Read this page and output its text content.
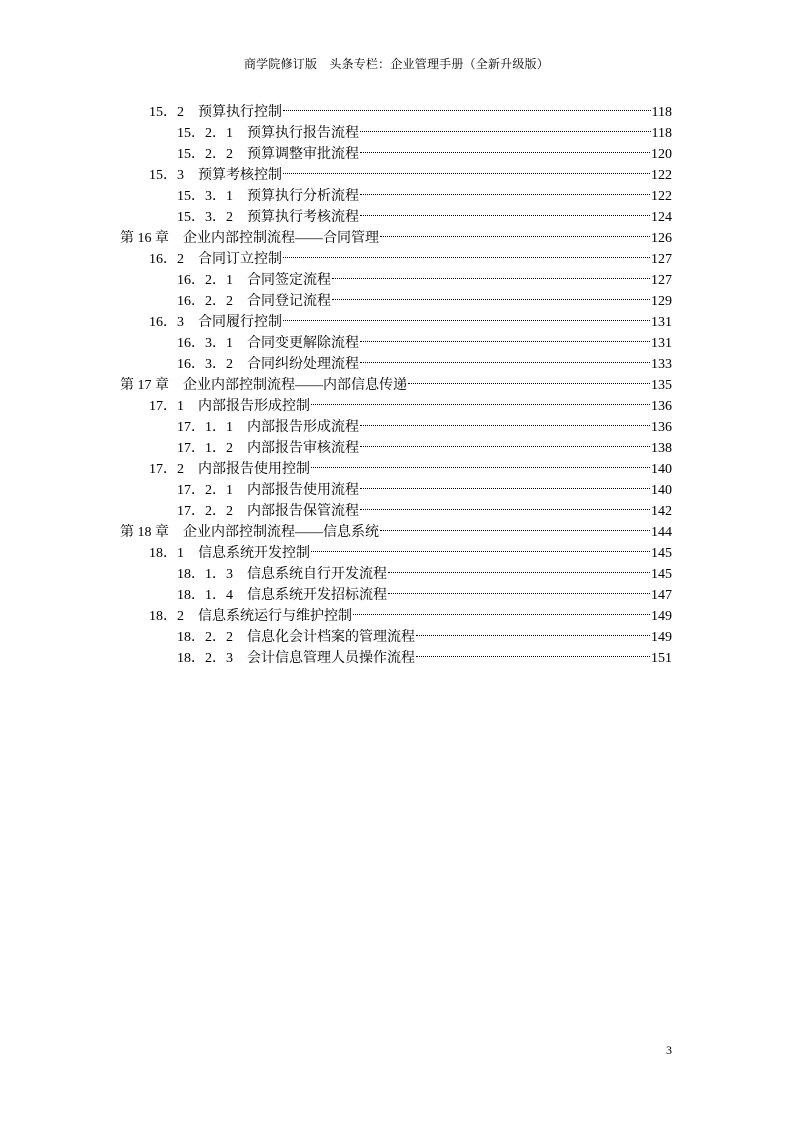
商学院修订版　头条专栏：企业管理手册（全新升级版）
15．2　 预算执行控制	118
15．2．1　 预算执行报告流程	118
15．2．2　 预算调整审批流程	120
15．3　 预算考核控制	122
15．3．1　 预算执行分析流程	122
15．3．2　 预算执行考核流程	124
第 16 章　 企业内部控制流程——合同管理	126
16．2　 合同订立控制	127
16．2．1　 合同签定流程	127
16．2．2　 合同登记流程	129
16．3　 合同履行控制	131
16．3．1　 合同变更解除流程	131
16．3．2　 合同纠纷处理流程	133
第 17 章　 企业内部控制流程——内部信息传递	135
17．1　 内部报告形成控制	136
17．1．1　 内部报告形成流程	136
17．1．2　 内部报告审核流程	138
17．2　 内部报告使用控制	140
17．2．1　 内部报告使用流程	140
17．2．2　 内部报告保管流程	142
第 18 章　 企业内部控制流程——信息系统	144
18．1　 信息系统开发控制	145
18．1．3　 信息系统自行开发流程	145
18．1．4　 信息系统开发招标流程	147
18．2　 信息系统运行与维护控制	149
18．2．2　 信息化会计档案的管理流程	149
18．2．3　 会计信息管理人员操作流程	151
3
